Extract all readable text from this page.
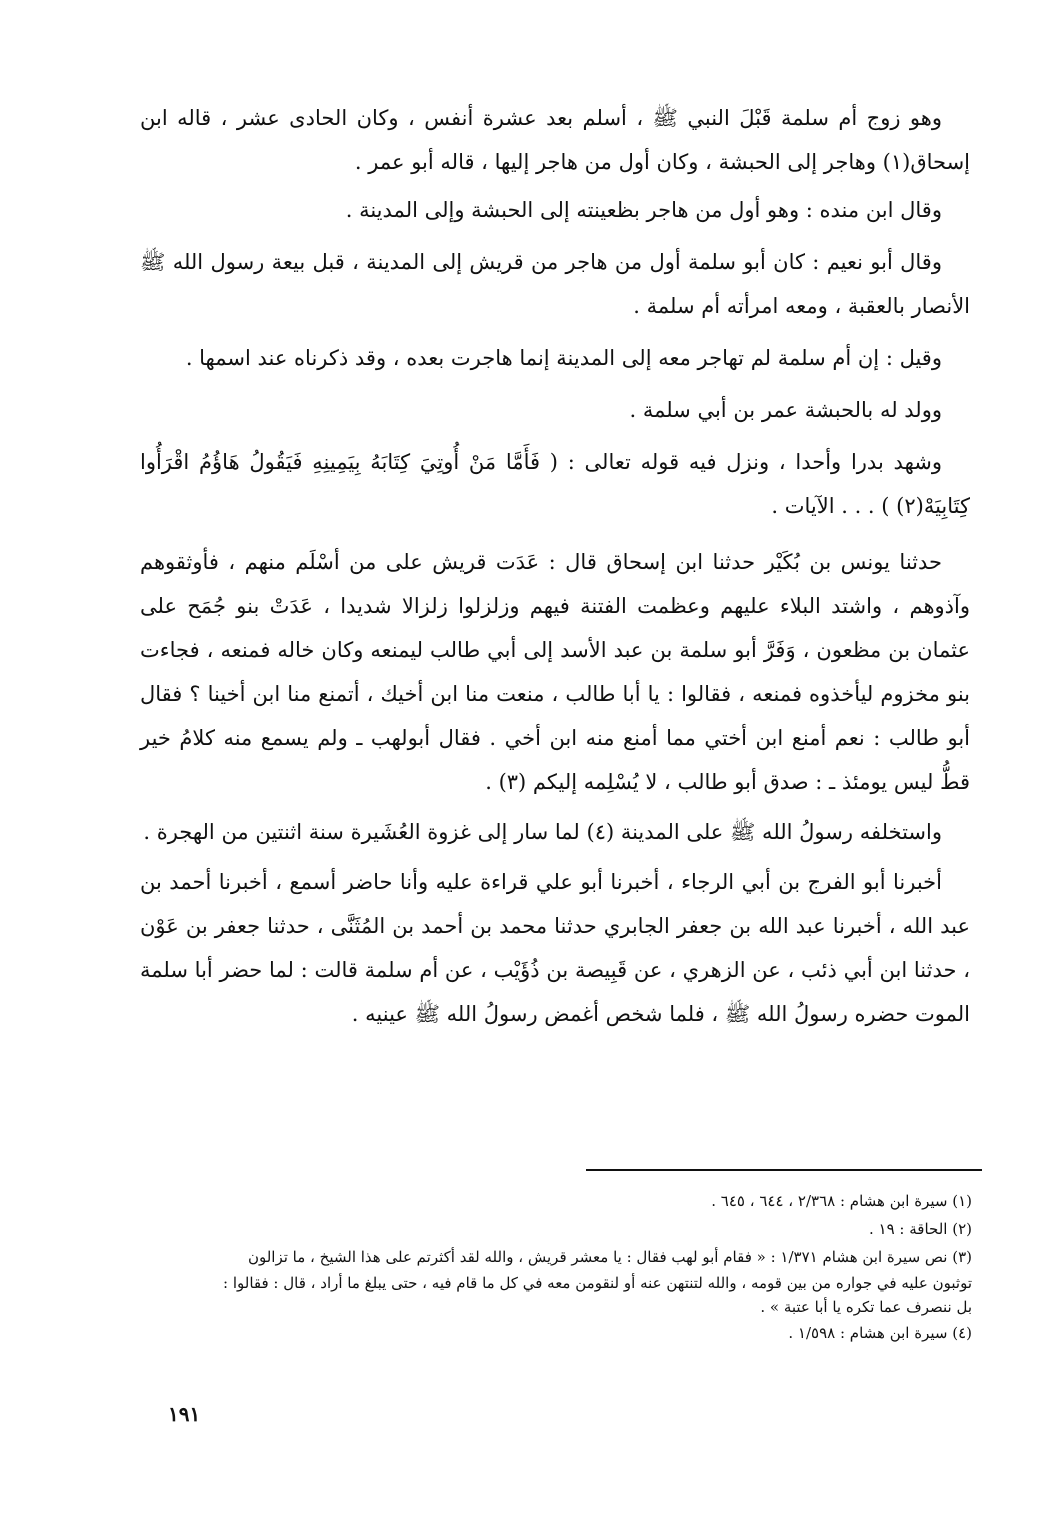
وهو زوج أم سلمة قَبْلَ النبي ﷺ ، أسلم بعد عشرة أنفس ، وكان الحادى عشر ، قاله ابن إسحاق(١) وهاجر إلى الحبشة ، وكان أول من هاجر إليها ، قاله أبو عمر .

وقال ابن منده : وهو أول من هاجر بظعينته إلى الحبشة وإلى المدينة .

وقال أبو نعيم : كان أبو سلمة أول من هاجر من قريش إلى المدينة ، قبل بيعة رسول الله ﷺ الأنصار بالعقبة ، ومعه امرأته أم سلمة .

وقيل : إن أم سلمة لم تهاجر معه إلى المدينة إنما هاجرت بعده ، وقد ذكرناه عند اسمها .

وولد له بالحبشة عمر بن أبي سلمة .

وشهد بدرا وأحدا ، ونزل فيه قوله تعالى : ( فَأَمَّا مَنْ أُوتِيَ كِتَابَهُ بِيَمِينِهِ فَيَقُولُ هَاؤُمُ اقْرَأُوا كِتَابِيَهْ(٢) ) . . . الآيات .

حدثنا يونس بن بُكَيْر حدثنا ابن إسحاق قال : عَدَت قريش على من أسْلَم منهم ، فأوثقوهم وآذوهم ، واشتد البلاء عليهم وعظمت الفتنة فيهم وزلزلوا زلزالا شديدا ، عَدَتْ بنو جُمَح على عثمان بن مظعون ، وَفَرَّ أبو سلمة بن عبد الأسد إلى أبي طالب ليمنعه وكان خاله فمنعه ، فجاءت بنو مخزوم ليأخذوه فمنعه ، فقالوا : يا أبا طالب ، منعت منا ابن أخيك ، أتمنع منا ابن أخينا ؟ فقال أبو طالب : نعم أمنع ابن أختي مما أمنع منه ابن أخي . فقال أبولهب ـ ولم يسمع منه كلامُ خير قطُّ ليس يومئذ ـ : صدق أبو طالب ، لا يُسْلِمه إليكم (٣) .

واستخلفه رسولُ الله ﷺ على المدينة (٤) لما سار إلى غزوة العُشَيرة سنة اثنتين من الهجرة .

أخبرنا أبو الفرج بن أبي الرجاء ، أخبرنا أبو علي قراءة عليه وأنا حاضر أسمع ، أخبرنا أحمد بن عبد الله ، أخبرنا عبد الله بن جعفر الجابري حدثنا محمد بن أحمد بن المُثَنَّى ، حدثنا جعفر بن عَوْن ، حدثنا ابن أبي ذئب ، عن الزهري ، عن قَبِيصة بن ذُؤَيْب ، عن أم سلمة قالت : لما حضر أبا سلمة الموت حضره رسولُ الله ﷺ ، فلما شخص أغمض رسولُ الله ﷺ عينيه .

(١) سيرة ابن هشام : ٢/٣٦٨ ، ٦٤٤ ، ٦٤٥ .

(٢) الحاقة : ١٩ .

(٣) نص سيرة ابن هشام ١/٣٧١ : « فقام أبو لهب فقال : يا معشر قريش ، والله لقد أكثرتم على هذا الشيخ ، ما تزالون

توثبون عليه في جواره من بين قومه ، والله لتنتهن عنه أو لنقومن معه في كل ما قام فيه ، حتى يبلغ ما أراد ، قال : فقالوا :

بل ننصرف عما تكره يا أبا عتبة » .

(٤) سيرة ابن هشام : ١/٥٩٨ .

١٩١
